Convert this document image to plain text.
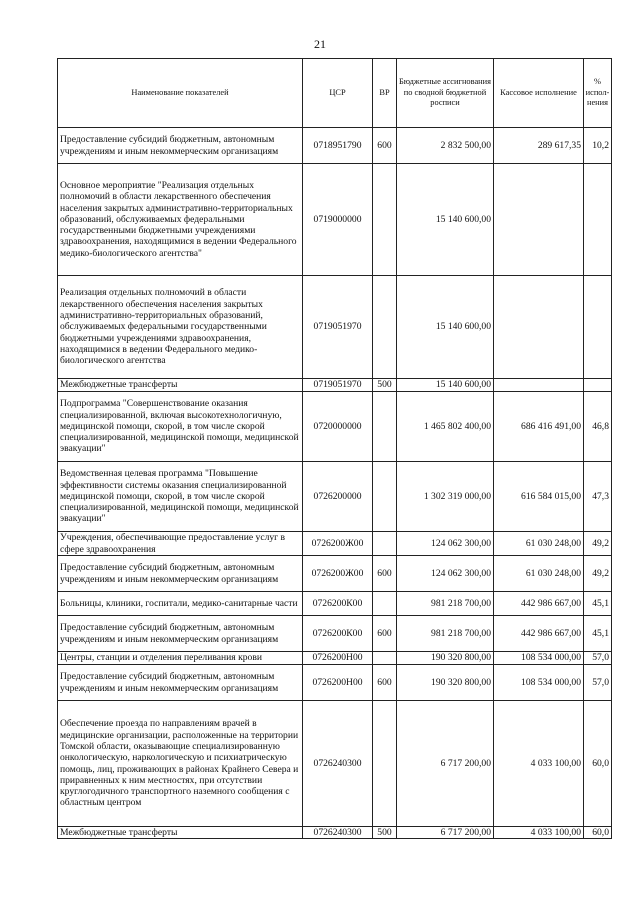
21
Наименование показателей	ЦСР	ВР	Бюджетные ассигнования по сводной бюджетной росписи	Кассовое исполнение	% испол-нения
Предоставление субсидий бюджетным, автономным учреждениям и иным некоммерческим организациям	0718951790	600	2 832 500,00	289 617,35	10,2
Основное мероприятие "Реализация отдельных полномочий в области лекарственного обеспечения населения закрытых административно-территориальных образований, обслуживаемых федеральными государственными бюджетными учреждениями здравоохранения, находящимися в ведении Федерального медико-биологического агентства"	0719000000		15 140 600,00		
Реализация отдельных полномочий в области лекарственного обеспечения населения закрытых административно-территориальных образований, обслуживаемых федеральными государственными бюджетными учреждениями здравоохранения, находящимися в ведении Федерального медико-биологического агентства	0719051970		15 140 600,00		
Межбюджетные трансферты	0719051970	500	15 140 600,00		
Подпрограмма "Совершенствование оказания специализированной, включая высокотехнологичную, медицинской помощи, скорой, в том числе скорой специализированной, медицинской помощи, медицинской эвакуации"	0720000000		1 465 802 400,00	686 416 491,00	46,8
Ведомственная целевая программа "Повышение эффективности системы оказания специализированной медицинской помощи, скорой, в том числе скорой специализированной, медицинской помощи, медицинской эвакуации"	0726200000		1 302 319 000,00	616 584 015,00	47,3
Учреждения, обеспечивающие предоставление услуг в сфере здравоохранения	0726200Ж00		124 062 300,00	61 030 248,00	49,2
Предоставление субсидий бюджетным, автономным учреждениям и иным некоммерческим организациям	0726200Ж00	600	124 062 300,00	61 030 248,00	49,2
Больницы, клиники, госпитали, медико-санитарные части	0726200К00		981 218 700,00	442 986 667,00	45,1
Предоставление субсидий бюджетным, автономным учреждениям и иным некоммерческим организациям	0726200К00	600	981 218 700,00	442 986 667,00	45,1
Центры, станции и отделения переливания крови	0726200Н00		190 320 800,00	108 534 000,00	57,0
Предоставление субсидий бюджетным, автономным учреждениям и иным некоммерческим организациям	0726200Н00	600	190 320 800,00	108 534 000,00	57,0
Обеспечение проезда по направлениям врачей в медицинские организации, расположенные на территории Томской области, оказывающие специализированную онкологическую, наркологическую и психиатрическую помощь, лиц, проживающих в районах Крайнего Севера и приравненных к ним местностях, при отсутствии круглогодичного транспортного наземного сообщения с областным центром	0726240300		6 717 200,00	4 033 100,00	60,0
Межбюджетные трансферты	0726240300	500	6 717 200,00	4 033 100,00	60,0
